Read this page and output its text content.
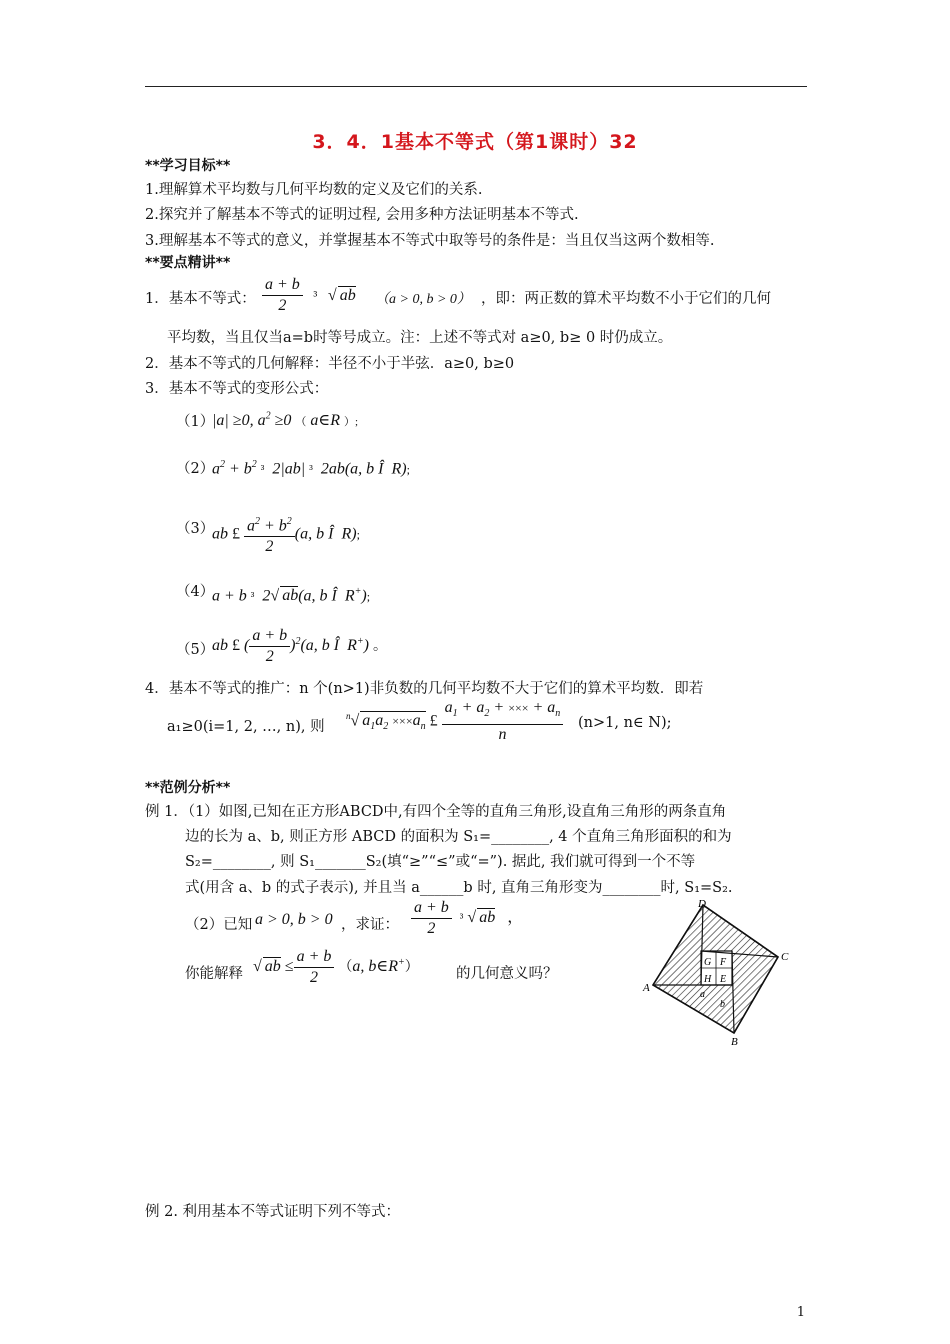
3．4．1基本不等式（第1课时）32
**学习目标**
1.理解算术平均数与几何平均数的定义及它们的关系.
2.探究并了解基本不等式的证明过程, 会用多种方法证明基本不等式.
3.理解基本不等式的意义，并掌握基本不等式中取等号的条件是：当且仅当这两个数相等.
**要点精讲**
1．基本不等式： $\frac{a + b}{2} ^3$ √ ab （a > 0, b > 0） ，即：两正数的算术平均数不小于它们的几何
平均数，当且仅当a=b时等号成立。注：上述不等式对 a≥0, b≥ 0 时仍成立。
2．基本不等式的几何解释：半径不小于半弦．a≥0, b≥0
3．基本不等式的变形公式：
（1）
|a| ≥0, $a^2 \ge 0$ （ a∈R ）;
（2）
$a^2 + b^2$ ³  2|ab| ³  2ab(a, b Î  R);
（3）
ab £ $\frac{a^2 + b^2}{2} (a$, b Î  R);
（4）
a + b ³  2√ ab(a, b Î  R+);
（5）
ab £ ( $\frac{a + b}{2} )^2(a$, b Î  R+) 。
4．基本不等式的推广：n 个(n>1)非负数的几何平均数不大于它们的算术平均数．即若
a₁≥0(i=1, 2, …, n), 则
$^n$√ $a_1a_2 \times\times\times a_n$ £ $\frac{a_1 + a_2 + \times\times\times + a_n}{n} (n>1$, n∈ N);
**范例分析**
例 1．（1）如图,已知在正方形ABCD中,有四个全等的直角三角形,设直角三角形的两条直角
边的长为 a、b, 则正方形 ABCD 的面积为 S₁=________, 4 个直角三角形面积的和为
S₂=________, 则 S₁_______S₂(填“≥”“≤”或“=”). 据此, 我们就可得到一个不等
式(用含 a、b 的式子表示), 并且当 a______b 时, 直角三角形变为________时, S₁=S₂.
（2）已知 a > 0, b > 0 ，求证： $\frac{a + b}{2} ^3$ √ ab ，
你能解释 √ ab ≤ $\frac{a + b}{2} (a$, b∈R+）	的几何意义吗？
D
C
A
B
G F
H E
a
b
例 2. 利用基本不等式证明下列不等式：
1
